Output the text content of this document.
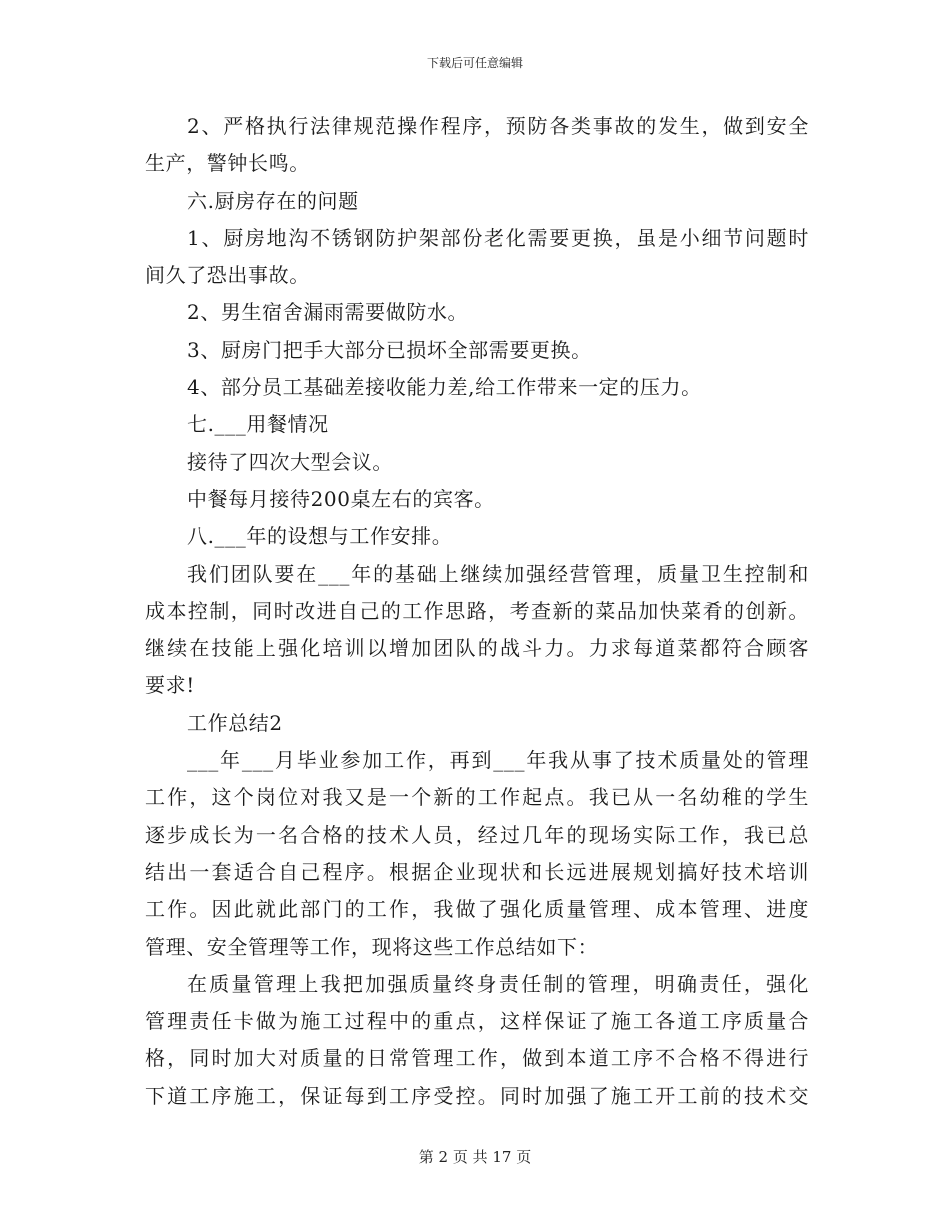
下载后可任意编辑
2、严格执行法律规范操作程序，预防各类事故的发生，做到安全
生产，警钟长鸣。
六.厨房存在的问题
1、厨房地沟不锈钢防护架部份老化需要更换，虽是小细节问题时
间久了恐出事故。
2、男生宿舍漏雨需要做防水。
3、厨房门把手大部分已损坏全部需要更换。
4、部分员工基础差接收能力差,给工作带来一定的压力。
七.___用餐情况
接待了四次大型会议。
中餐每月接待200桌左右的宾客。
八.___年的设想与工作安排。
我们团队要在___年的基础上继续加强经营管理，质量卫生控制和
成本控制，同时改进自己的工作思路，考查新的菜品加快菜肴的创新。
继续在技能上强化培训以增加团队的战斗力。力求每道菜都符合顾客
要求!
工作总结2
___年___月毕业参加工作，再到___年我从事了技术质量处的管理
工作，这个岗位对我又是一个新的工作起点。我已从一名幼稚的学生
逐步成长为一名合格的技术人员，经过几年的现场实际工作，我已总
结出一套适合自己程序。根据企业现状和长远进展规划搞好技术培训
工作。因此就此部门的工作，我做了强化质量管理、成本管理、进度
管理、安全管理等工作，现将这些工作总结如下：
在质量管理上我把加强质量终身责任制的管理，明确责任，强化
管理责任卡做为施工过程中的重点，这样保证了施工各道工序质量合
格，同时加大对质量的日常管理工作，做到本道工序不合格不得进行
下道工序施工，保证每到工序受控。同时加强了施工开工前的技术交
第 2 页 共 17 页
